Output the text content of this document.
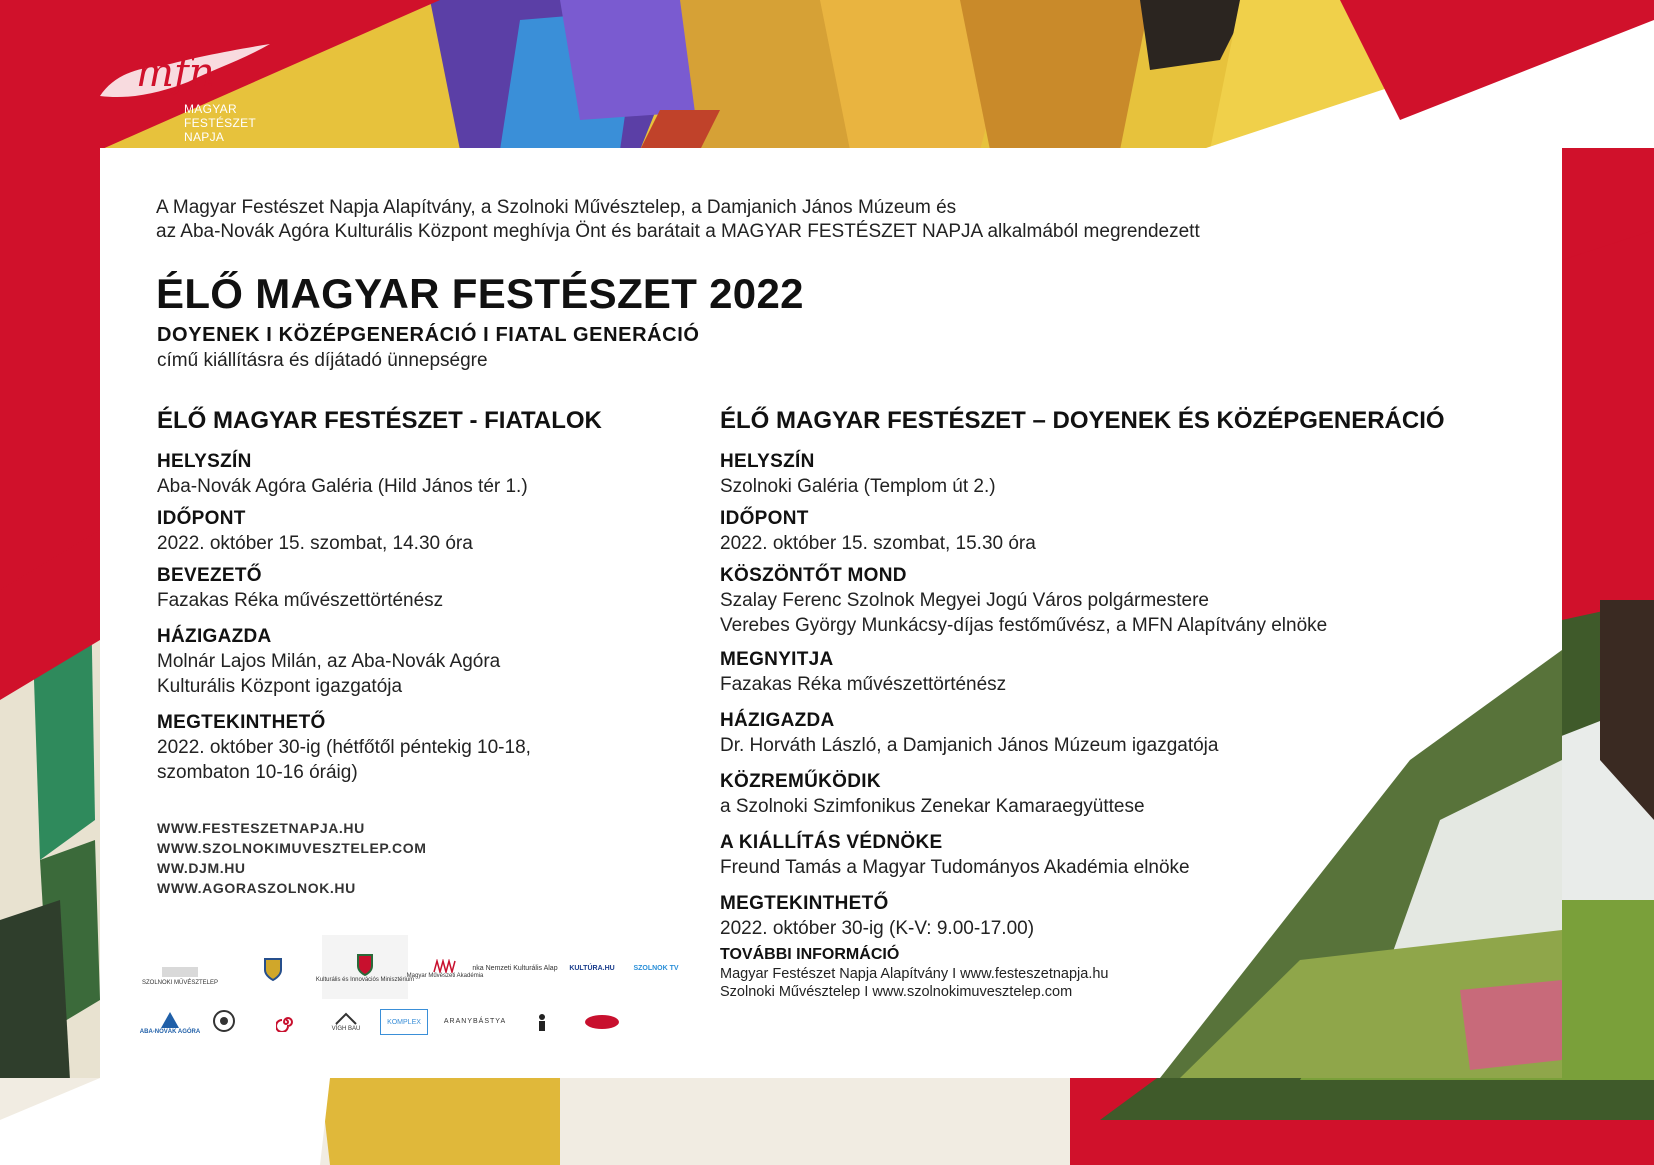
mfn
MAGYAR FESTÉSZET
NAPJA
A Magyar Festészet Napja Alapítvány, a Szolnoki Művésztelep, a Damjanich János Múzeum és
az Aba-Novák Agóra Kulturális Központ meghívja Önt és barátait a MAGYAR FESTÉSZET NAPJA alkalmából megrendezett
ÉLŐ MAGYAR FESTÉSZET 2022
DOYENEK I KÖZÉPGENERÁCIÓ I FIATAL GENERÁCIÓ
című kiállításra és díjátadó ünnepségre
ÉLŐ MAGYAR FESTÉSZET - FIATALOK
HELYSZÍN
Aba-Novák Agóra Galéria (Hild János tér 1.)
IDŐPONT
2022. október 15. szombat, 14.30 óra
BEVEZETŐ
Fazakas Réka művészettörténész
HÁZIGAZDA
Molnár Lajos Milán, az Aba-Novák Agóra
Kulturális Központ igazgatója
MEGTEKINTHETŐ
2022. október 30-ig (hétfőtől péntekig 10-18,
szombaton 10-16 óráig)
ÉLŐ MAGYAR FESTÉSZET – DOYENEK ÉS KÖZÉPGENERÁCIÓ
HELYSZÍN
Szolnoki Galéria (Templom út 2.)
IDŐPONT
2022. október 15. szombat, 15.30 óra
KÖSZÖNTŐT MOND
Szalay Ferenc Szolnok Megyei Jogú Város polgármestere
Verebes György Munkácsy-díjas festőművész, a MFN Alapítvány elnöke
MEGNYITJA
Fazakas Réka művészettörténész
HÁZIGAZDA
Dr. Horváth László, a Damjanich János Múzeum igazgatója
KÖZREMŰKÖDIK
a Szolnoki Szimfonikus Zenekar Kamaraegyüttese
A KIÁLLÍTÁS VÉDNÖKE
Freund Tamás a Magyar Tudományos Akadémia elnöke
MEGTEKINTHETŐ
2022. október 30-ig (K-V: 9.00-17.00)
WWW.FESTESZETNAPJA.HU
WWW.SZOLNOKIMUVESZTELEP.COM
WW.DJM.HU
WWW.AGORASZOLNOK.HU
TOVÁBBI INFORMÁCIÓ
Magyar Festészet Napja Alapítvány I www.festeszetnapja.hu
Szolnoki Művésztelep I www.szolnokimuvesztelep.com
SZOLNOKI MŰVÉSZTELEP	Kulturális és Innovációs Minisztérium
Magyar Művészeti Akadémia
nka Nemzeti Kulturális Alap KULTÚRA.HU	SZOLNOK TV
ABA-NOVÁK AGÓRA	VÍGH BAU
KOMPLEX	ARANYBÁSTYA
